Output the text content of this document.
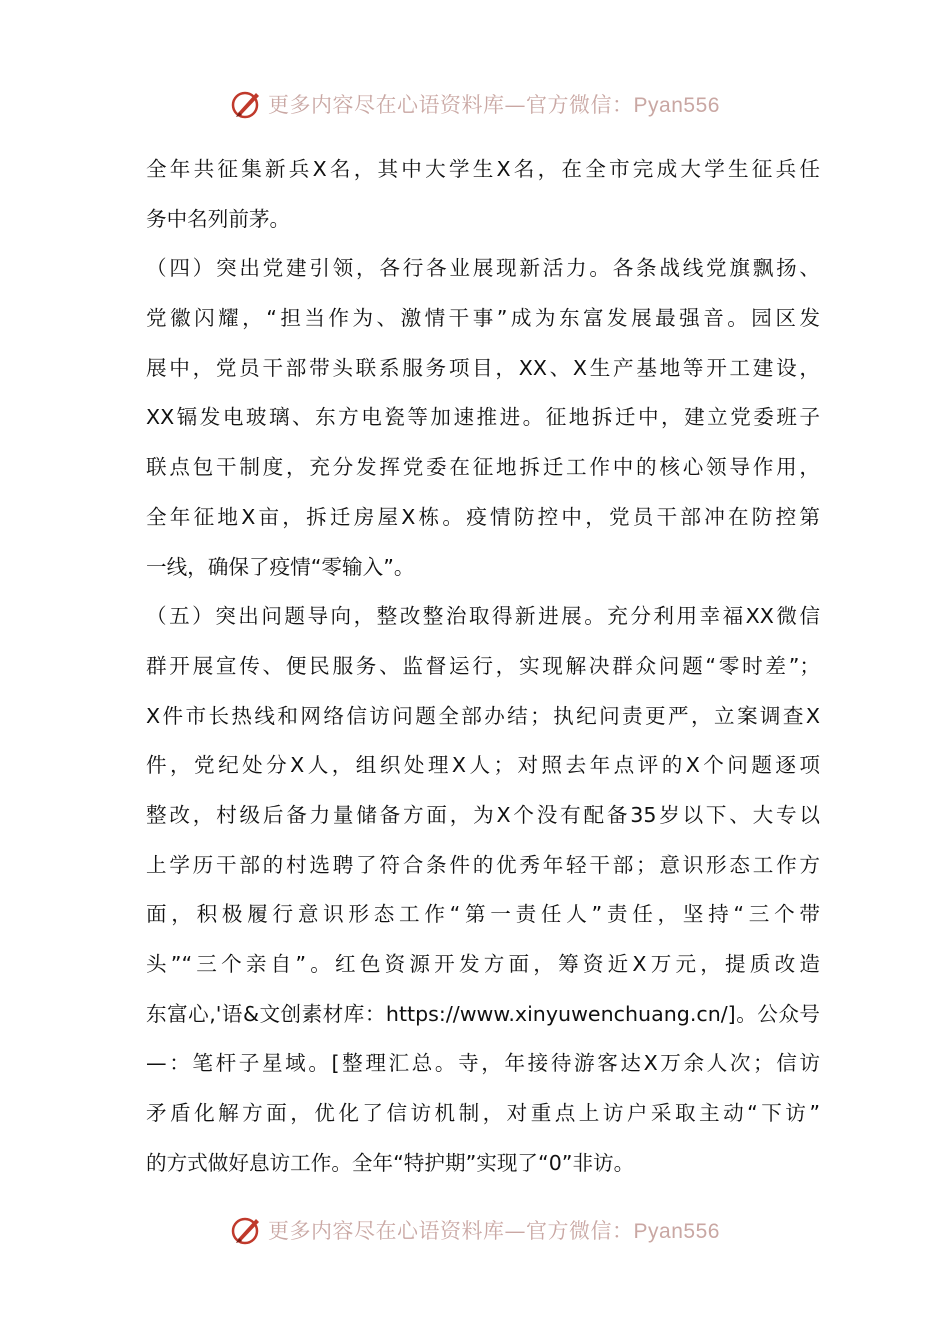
更多内容尽在心语资料库—官方微信：Pyan556
全年共征集新兵X名，其中大学生X名，在全市完成大学生征兵任
务中名列前茅。
（四）突出党建引领，各行各业展现新活力。各条战线党旗飘扬、
党徽闪耀，“担当作为、激情干事”成为东富发展最强音。园区发
展中，党员干部带头联系服务项目，XX、X生产基地等开工建设，
XX镉发电玻璃、东方电瓷等加速推进。征地拆迁中，建立党委班子
联点包干制度，充分发挥党委在征地拆迁工作中的核心领导作用，
全年征地X亩，拆迁房屋X栋。疫情防控中，党员干部冲在防控第
一线，确保了疫情“零输入”。
（五）突出问题导向，整改整治取得新进展。充分利用幸福XX微信
群开展宣传、便民服务、监督运行，实现解决群众问题“零时差”；
X件市长热线和网络信访问题全部办结；执纪问责更严，立案调查X
件，党纪处分X人，组织处理X人；对照去年点评的X个问题逐项
整改，村级后备力量储备方面，为X个没有配备35岁以下、大专以
上学历干部的村选聘了符合条件的优秀年轻干部；意识形态工作方
面，积极履行意识形态工作“第一责任人”责任，坚持“三个带
头”“三个亲自”。红色资源开发方面，筹资近X万元，提质改造
东富心,'语&文创素材库：https://www.xinyuwenchuang.cn/]。公众号
—：笔杆子星域。[整理汇总。寺，年接待游客达X万余人次；信访
矛盾化解方面，优化了信访机制，对重点上访户采取主动“下访”
的方式做好息访工作。全年“特护期”实现了“0”非访。
更多内容尽在心语资料库—官方微信：Pyan556
